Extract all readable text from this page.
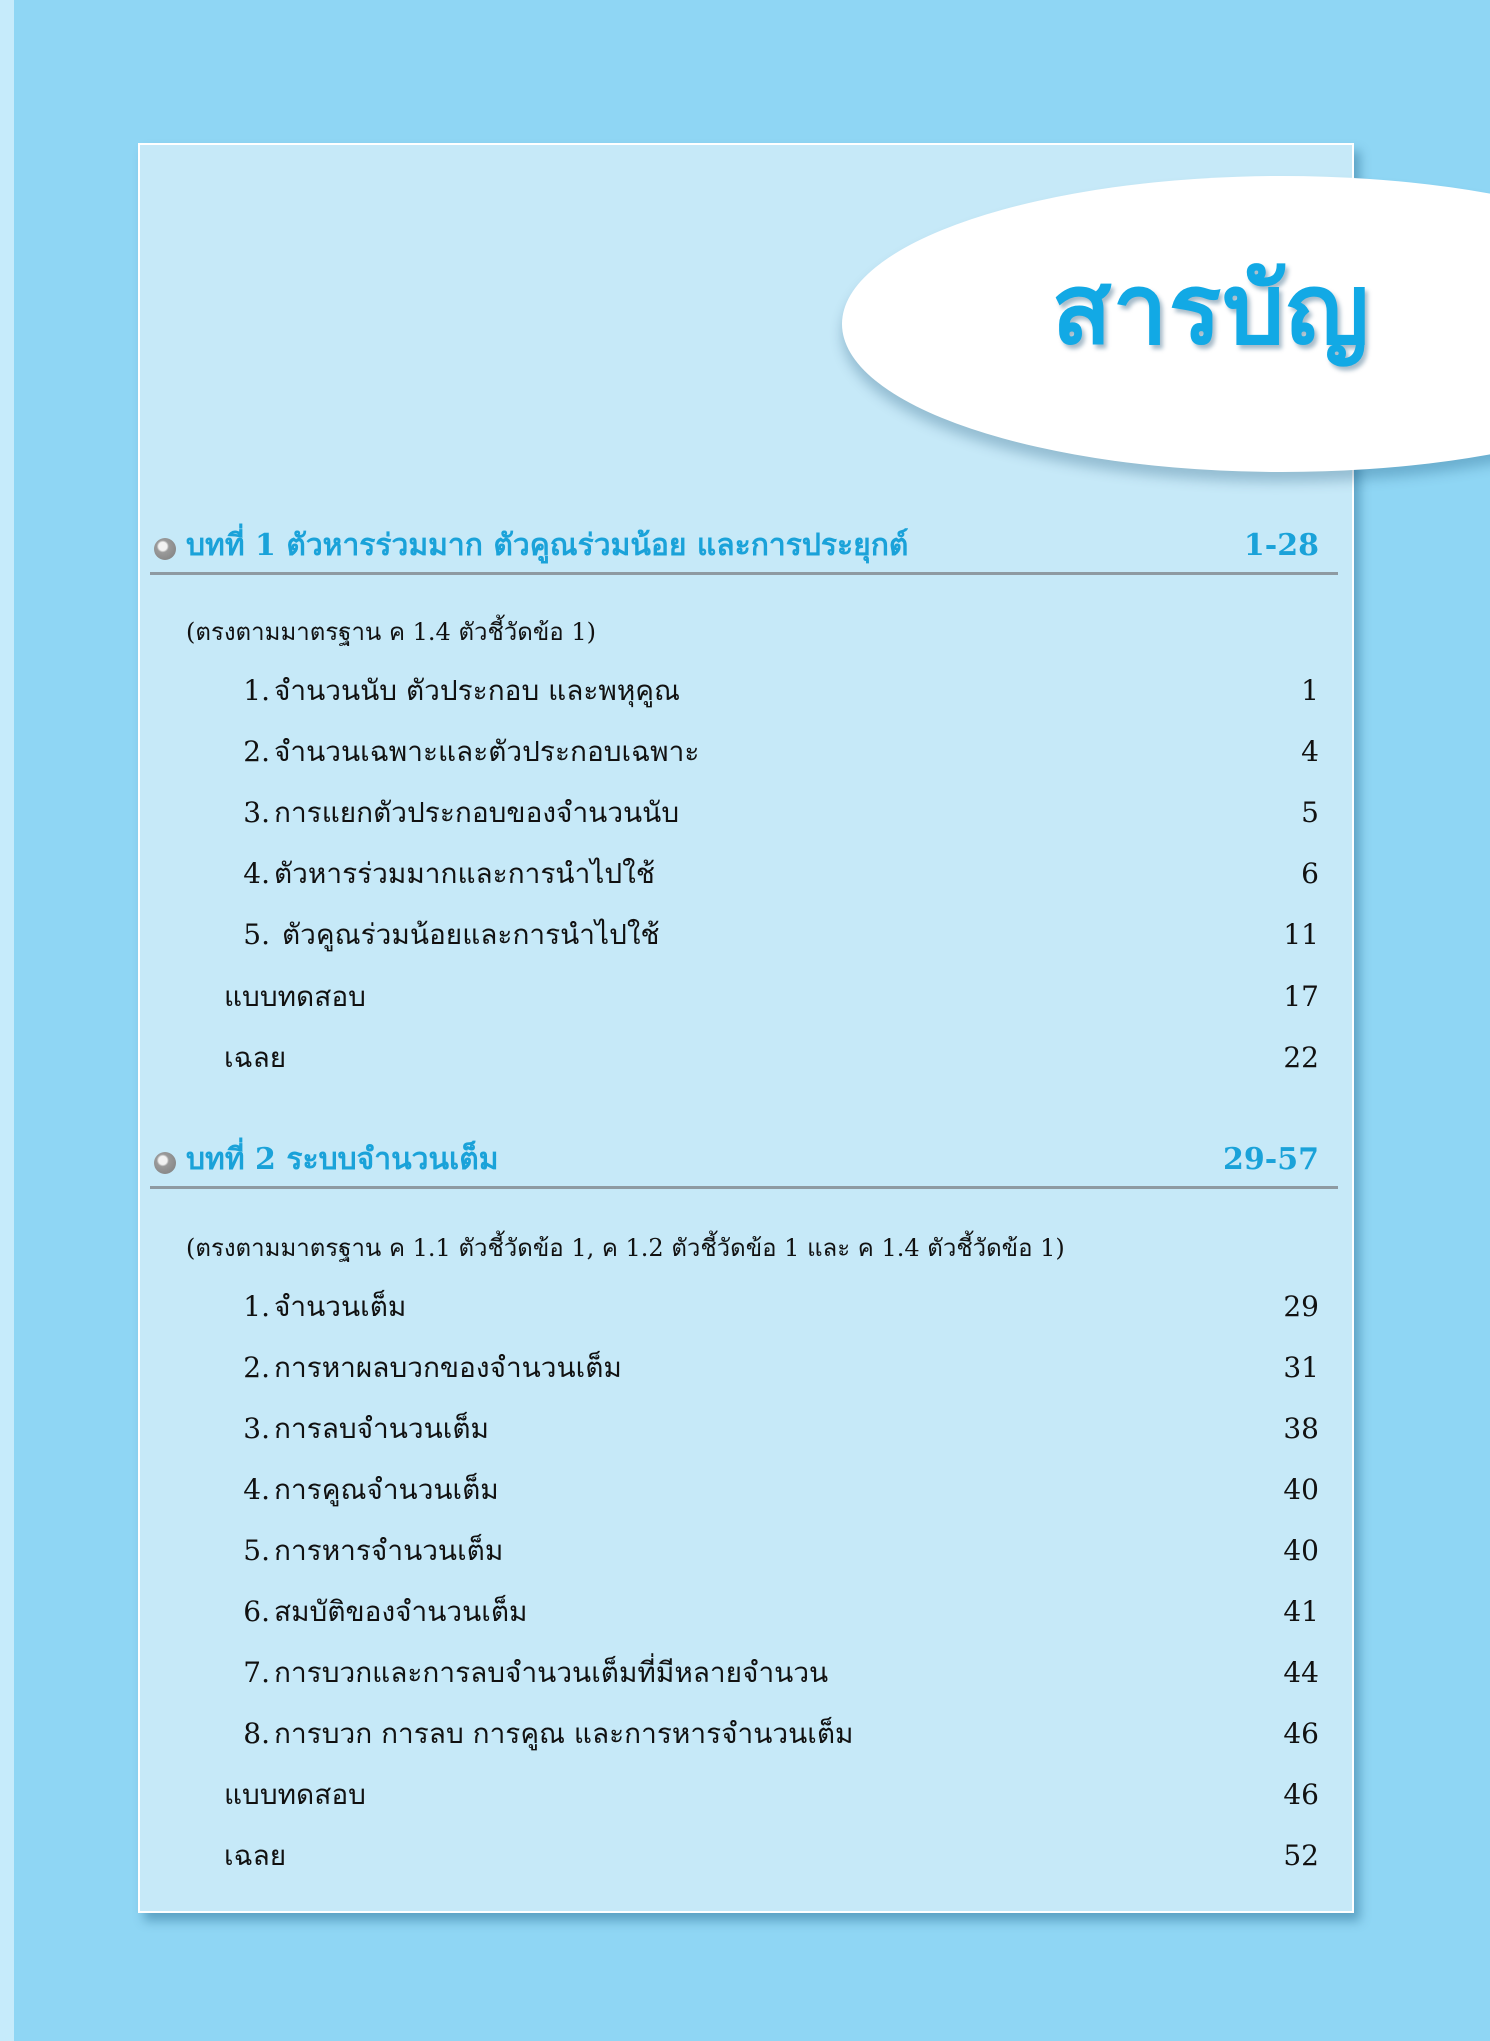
สารบัญ
บทที่ 1 ตัวหารร่วมมาก ตัวคูณร่วมน้อย และการประยุกต์	1-28
(ตรงตามมาตรฐาน ค 1.4 ตัวชี้วัดข้อ 1)
1. จำนวนนับ ตัวประกอบ และพหุคูณ	1
2. จำนวนเฉพาะและตัวประกอบเฉพาะ	4
3. การแยกตัวประกอบของจำนวนนับ	5
4. ตัวหารร่วมมากและการนำไปใช้	6
5. ตัวคูณร่วมน้อยและการนำไปใช้	11
แบบทดสอบ	17
เฉลย	22
บทที่ 2 ระบบจำนวนเต็ม	29-57
(ตรงตามมาตรฐาน ค 1.1 ตัวชี้วัดข้อ 1, ค 1.2 ตัวชี้วัดข้อ 1 และ ค 1.4 ตัวชี้วัดข้อ 1)
1. จำนวนเต็ม	29
2. การหาผลบวกของจำนวนเต็ม	31
3. การลบจำนวนเต็ม	38
4. การคูณจำนวนเต็ม	40
5. การหารจำนวนเต็ม	40
6. สมบัติของจำนวนเต็ม	41
7. การบวกและการลบจำนวนเต็มที่มีหลายจำนวน	44
8. การบวก การลบ การคูณ และการหารจำนวนเต็ม	46
แบบทดสอบ	46
เฉลย	52
